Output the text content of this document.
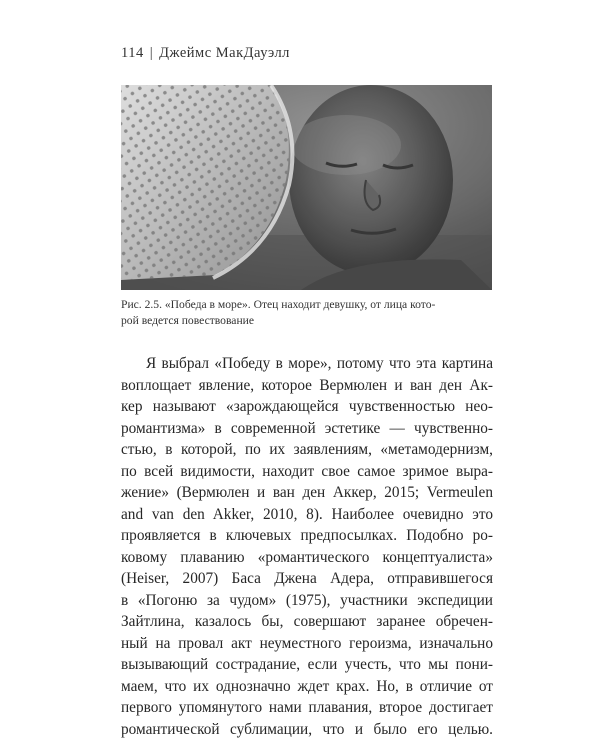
114 | Джеймс МакДауэлл
Рис. 2.5. «Победа в море». Отец находит девушку, от лица кото-
рой ведется повествование
Я выбрал «Победу в море», потому что эта картина
воплощает явление, которое Вермюлен и ван ден Ак-
кер называют «зарождающейся чувственностью нео-
романтизма» в современной эстетике — чувственно-
стью, в которой, по их заявлениям, «метамодернизм,
по всей видимости, находит свое самое зримое выра-
жение» (Вермюлен и ван ден Аккер, 2015; Vermeulen
and van den Akker, 2010, 8). Наиболее очевидно это
проявляется в ключевых предпосылках. Подобно ро-
ковому плаванию «романтического концептуалиста»
(Heiser, 2007) Баса Джена Адера, отправившегося
в «Погоню за чудом» (1975), участники экспедиции
Зайтлина, казалось бы, совершают заранее обречен-
ный на провал акт неуместного героизма, изначально
вызывающий сострадание, если учесть, что мы пони-
маем, что их однозначно ждет крах. Но, в отличие от
первого упомянутого нами плавания, второе достигает
романтической сублимации, что и было его целью.
